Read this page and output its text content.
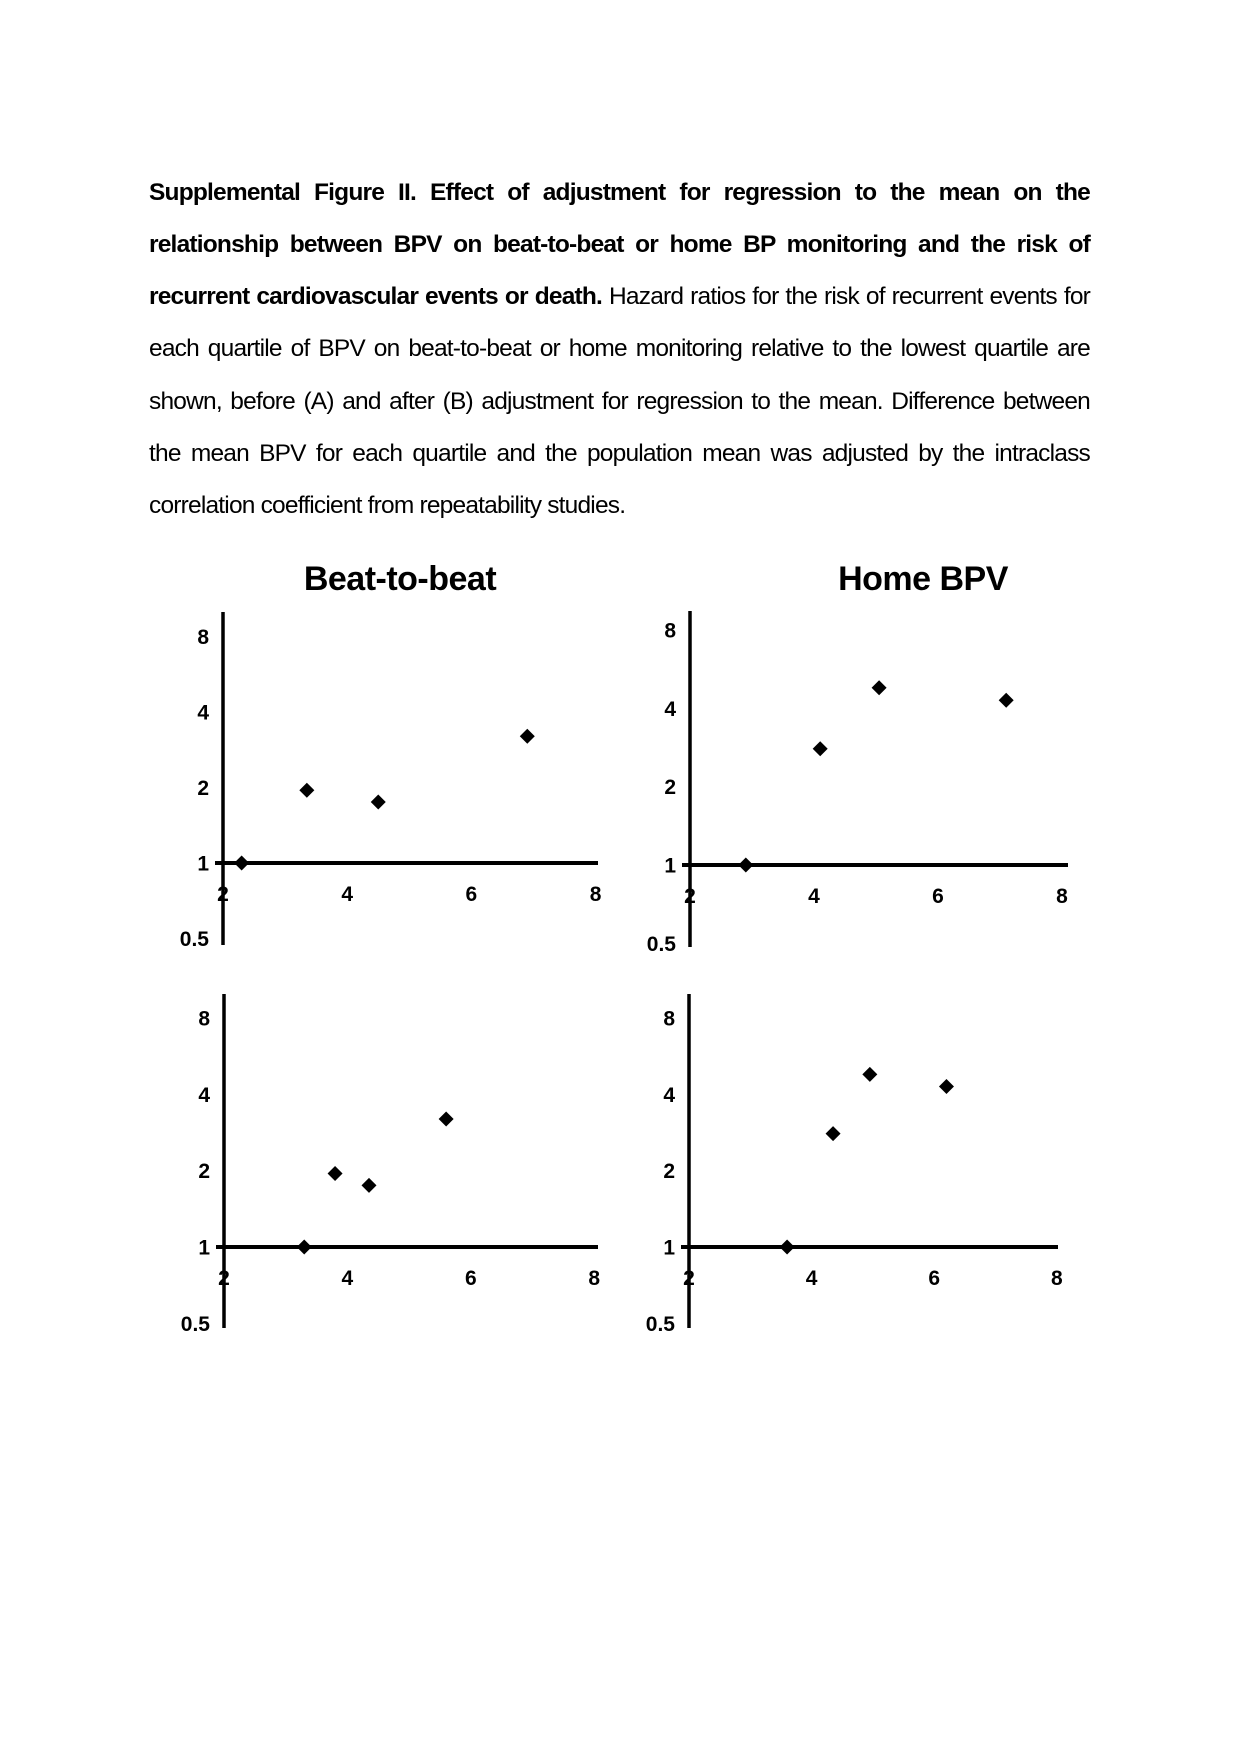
Supplemental Figure II. Effect of adjustment for regression to the mean on the relationship between BPV on beat-to-beat or home BP monitoring and the risk of recurrent cardiovascular events or death. Hazard ratios for the risk of recurrent events for each quartile of BPV on beat-to-beat or home monitoring relative to the lowest quartile are shown, before (A) and after (B) adjustment for regression to the mean. Difference between the mean BPV for each quartile and the population mean was adjusted by the intraclass correlation coefficient from repeatability studies.

Beat-to-beat	Home BPV
8
4
2
1
0.5
2	4	6	8
8
4
2
1
0.5
2	4	6	8
8
4
2
1
0.5
2	4	6	8
8
4
2
1
0.5
2	4	6	8
